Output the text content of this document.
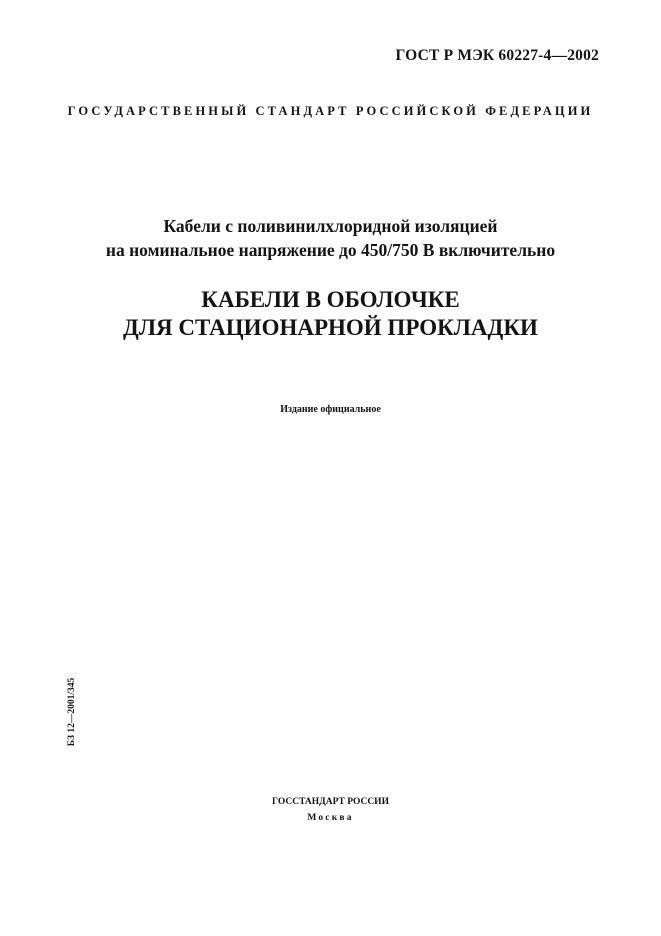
ГОСТ Р МЭК 60227-4—2002
ГОСУДАРСТВЕННЫЙ СТАНДАРТ РОССИЙСКОЙ ФЕДЕРАЦИИ
Кабели с поливинилхлоридной изоляцией
на номинальное напряжение до 450/750 В включительно
КАБЕЛИ В ОБОЛОЧКЕ
ДЛЯ СТАЦИОНАРНОЙ ПРОКЛАДКИ
Издание официальное
БЗ 12—2001/345
ГОССТАНДАРТ РОССИИ
Москва
